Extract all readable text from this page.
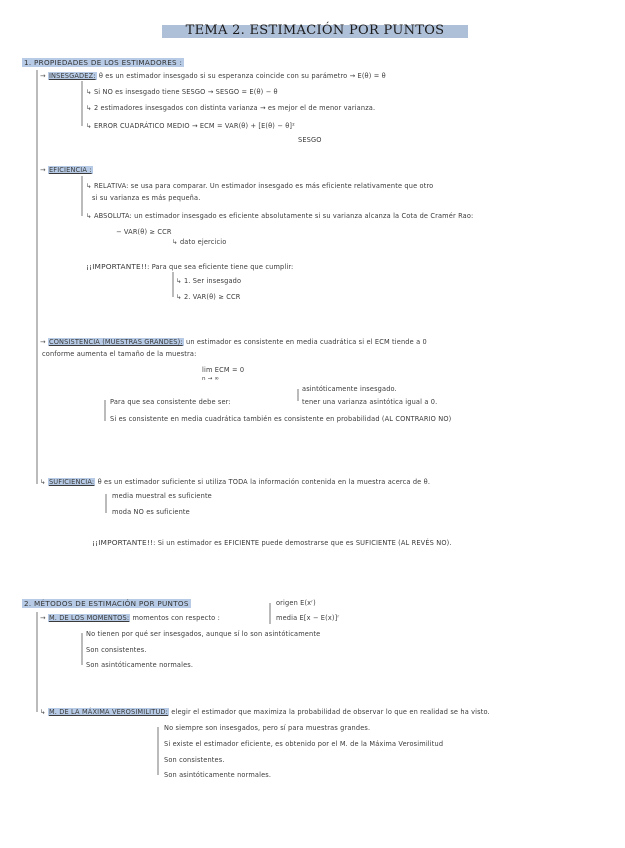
TEMA 2. ESTIMACIÓN POR PUNTOS
1. PROPIEDADES DE LOS ESTIMADORES :
→ INSESGADEZ: θ es un estimador insesgado si su esperanza coincide con su parámetro → E(θ) = θ
↳ Si NO es insesgado tiene SESGO → SESGO = E(θ) − θ
↳ 2 estimadores insesgados con distinta varianza → es mejor el de menor varianza.
↳ ERROR CUADRÁTICO MEDIO → ECM = VAR(θ) + [E(θ) − θ]²
SESGO
→ EFICIENCIA :
↳ RELATIVA: se usa para comparar. Un estimador insesgado es más eficiente relativamente que otro
si su varianza es más pequeña.
↳ ABSOLUTA: un estimador insesgado es eficiente absolutamente si su varianza alcanza la Cota de Cramér Rao:
− VAR(θ) ≥ CCR
↳ dato ejercicio
¡¡IMPORTANTE!!: Para que sea eficiente tiene que cumplir:
↳ 1. Ser insesgado
↳ 2. VAR(θ) ≥ CCR
→ CONSISTENCIA (MUESTRAS GRANDES): un estimador es consistente en media cuadrática si el ECM tiende a 0
conforme aumenta el tamaño de la muestra:
lim ECM = 0
n → ∞
Para que sea consistente debe ser:
asintóticamente insesgado.
tener una varianza asintótica igual a 0.
Si es consistente en media cuadrática también es consistente en probabilidad (AL CONTRARIO NO)
↳ SUFICIENCIA: θ es un estimador suficiente si utiliza TODA la información contenida en la muestra acerca de θ.
media muestral es suficiente
moda NO es suficiente
¡¡IMPORTANTE!!: Si un estimador es EFICIENTE puede demostrarse que es SUFICIENTE (AL REVÉS NO).
2. MÉTODOS DE ESTIMACIÓN POR PUNTOS
→ M. DE LOS MOMENTOS: momentos con respecto :
origen E(xʳ)
media E[x − E(x)]ʳ
No tienen por qué ser insesgados, aunque sí lo son asintóticamente
Son consistentes.
Son asintóticamente normales.
↳ M. DE LA MÁXIMA VEROSIMILITUD: elegir el estimador que maximiza la probabilidad de observar lo que en realidad se ha visto.
No siempre son insesgados, pero sí para muestras grandes.
Si existe el estimador eficiente, es obtenido por el M. de la Máxima Verosimilitud
Son consistentes.
Son asintóticamente normales.
